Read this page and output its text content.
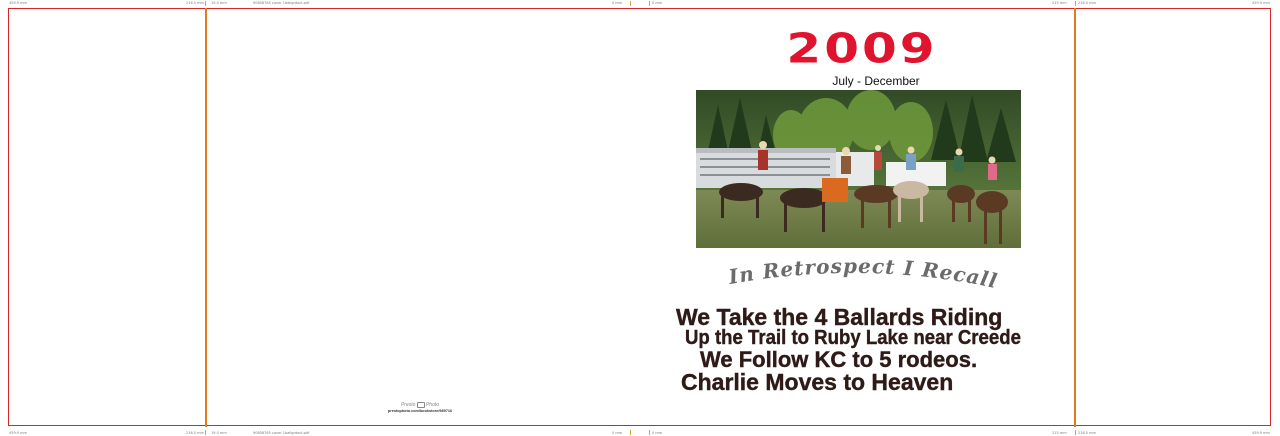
459.9 mm	216.5 mm 19.0 mm	90808765 cover 1ballgrdoct.pdf	0 mm	0 mm	215 mm	216.5 mm	459.9 mm
459.9 mm	216.5 mm 19.0 mm	90808765 cover 1ballgrdoct.pdf	0 mm	0 mm	215 mm	216.5 mm	459.9 mm
2009
July - December
In Retrospect I Recall
We Take the 4 Ballards Riding
Up the Trail to Ruby Lake near Creede
We Follow KC to 5 rodeos.
Charlie Moves to Heaven
Presto Photo
prestophoto.com/bookstore/989716
